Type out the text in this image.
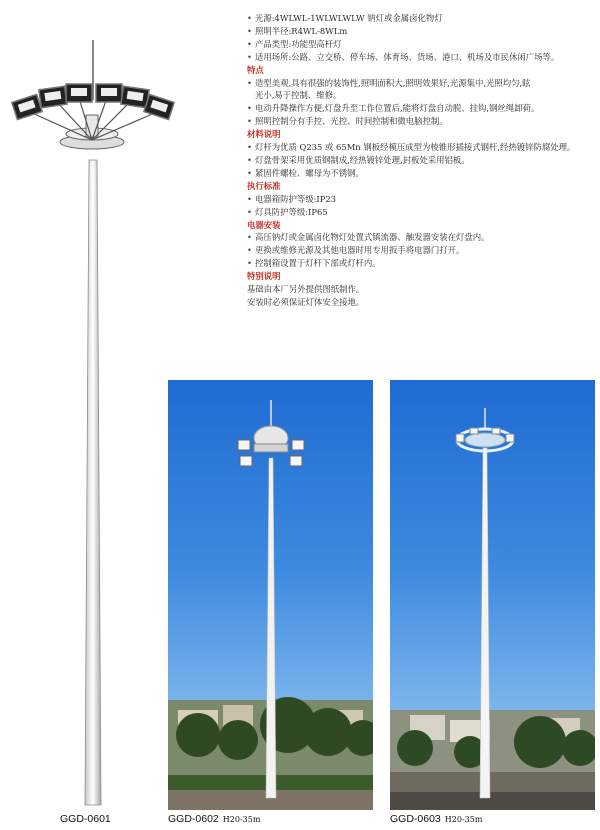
• 光源:4WLWL-1WLWLWLW 钠灯或金属卤化物灯
• 照明半径:R4WL-8WLm
• 产品类型:功能型高杆灯
• 适用场所:公路、立交桥、停车场、体育场、货场、港口、机场及市民休闲广场等。
特点
• 造型美观,具有很强的装饰性,照明面积大,照明效果好,光源集中,光照均匀,眩
光小,易于控制、维修。
• 电动升降操作方便,灯盘升至工作位置后,能将灯盘自动脱、挂钩,钢丝绳卸荷。
• 照明控制分有手控、光控、时间控制和微电脑控制。
材料说明
• 灯杆为优质 Q235 或 65Mn 钢板经模压成型为棱锥形插接式钢杆,经热镀锌防腐处理。
• 灯盘骨架采用优质钢制成,经热镀锌处理,封板处采用铝板。
• 紧固件螺栓、螺母为不锈钢。
执行标准
• 电器箱防护等级:IP23
• 灯具防护等级:IP65
电器安装
• 高压钠灯或金属卤化物灯处置式镇流器、触发器安装在灯盘内。
• 更换或维修光源及其他电器时用专用扳手将电器门打开。
• 控制箱设置于灯杆下部或灯杆内。
特别说明
基础由本厂另外提供图纸制作。
安装时必须保证灯体安全接地。
GGD-0601	GGD-0602 H20-35m	GGD-0603 H20-35m
